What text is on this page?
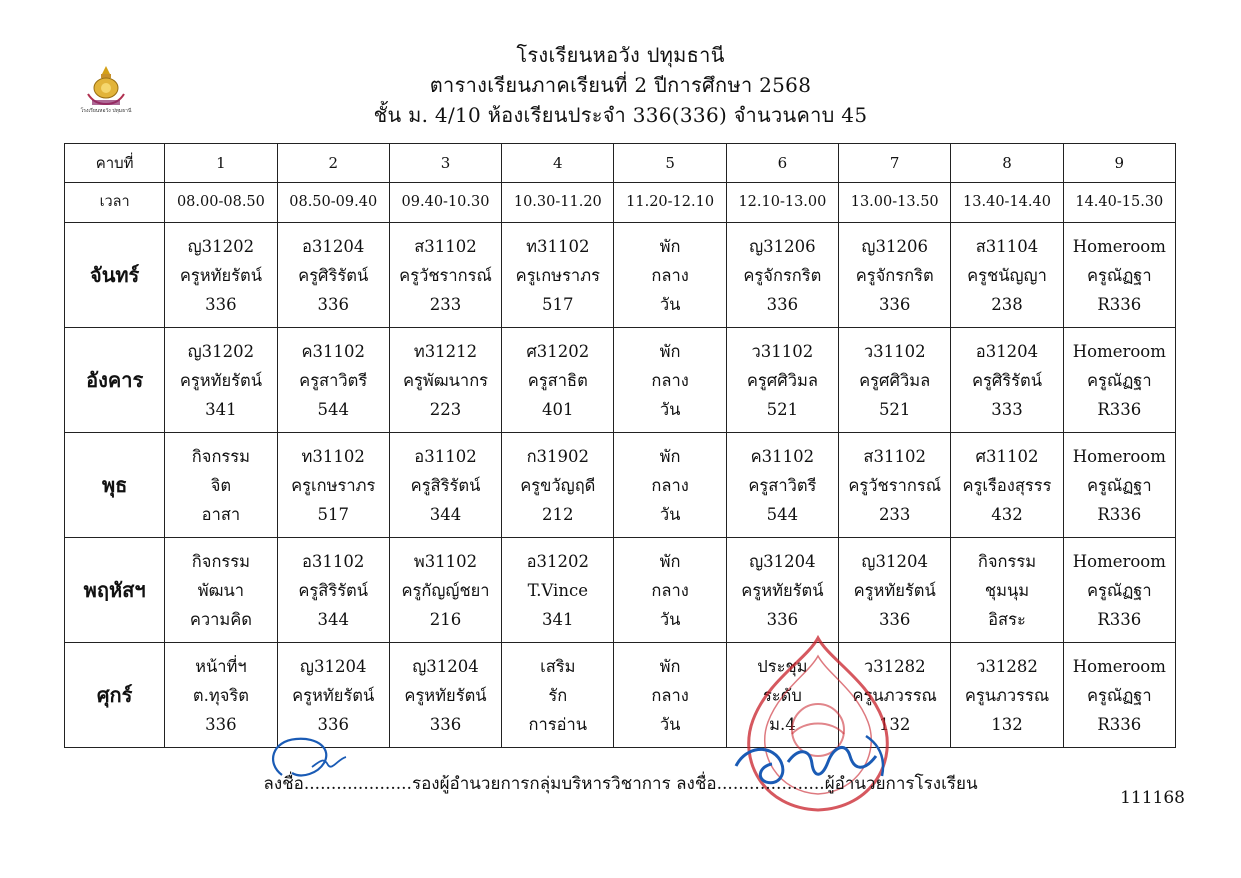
โรงเรียนหอวัง ปทุมธานี
ตารางเรียนภาคเรียนที่ 2 ปีการศึกษา 2568
ชั้น ม. 4/10 ห้องเรียนประจำ 336(336) จำนวนคาบ 45
โรงเรียนหอวัง ปทุมธานี
คาบที่	1	2	3	4	5	6	7	8	9
เวลา	08.00-08.50	08.50-09.40	09.40-10.30	10.30-11.20	11.20-12.10	12.10-13.00	13.00-13.50	13.40-14.40	14.40-15.30
จันทร์	ญ31202
ครูหทัยรัตน์
336	อ31204
ครูศิริรัตน์
336	ส31102
ครูวัชรากรณ์
233	ท31102
ครูเกษราภร
517	พัก
กลาง
วัน	ญ31206
ครูจักรกริต
336	ญ31206
ครูจักรกริต
336	ส31104
ครูชนัญญา
238	Homeroom
ครูณัฏฐา
R336

อังคาร	ญ31202
ครูหทัยรัตน์
341	ค31102
ครูสาวิตรี
544	ท31212
ครูพัฒนากร
223	ศ31202
ครูสาธิต
401	พัก
กลาง
วัน	ว31102
ครูศศิวิมล
521	ว31102
ครูศศิวิมล
521	อ31204
ครูศิริรัตน์
333	Homeroom
ครูณัฏฐา
R336

พุธ	กิจกรรม
จิต
อาสา	ท31102
ครูเกษราภร
517	อ31102
ครูสิริรัตน์
344	ก31902
ครูขวัญฤดี
212	พัก
กลาง
วัน	ค31102
ครูสาวิตรี
544	ส31102
ครูวัชรากรณ์
233	ศ31102
ครูเรืองสุรรร
432	Homeroom
ครูณัฏฐา
R336

พฤหัสฯ	กิจกรรม
พัฒนา
ความคิด	อ31102
ครูสิริรัตน์
344	พ31102
ครูกัญญ์ชยา
216	อ31202
T.Vince
341	พัก
กลาง
วัน	ญ31204
ครูหทัยรัตน์
336	ญ31204
ครูหทัยรัตน์
336	กิจกรรม
ชุมนุม
อิสระ	Homeroom
ครูณัฏฐา
R336

ศุกร์	หน้าที่ฯ
ต.ทุจริต
336	ญ31204
ครูหทัยรัตน์
336	ญ31204
ครูหทัยรัตน์
336	เสริม
รัก
การอ่าน	พัก
กลาง
วัน	ประชุม
ระดับ
ม.4	ว31282
ครูนภวรรณ
132	ว31282
ครูนภวรรณ
132	Homeroom
ครูณัฏฐา
R336
ลงชื่อ....................รองผู้อำนวยการกลุ่มบริหารวิชาการ ลงชื่อ....................ผู้อำนวยการโรงเรียน
111168
